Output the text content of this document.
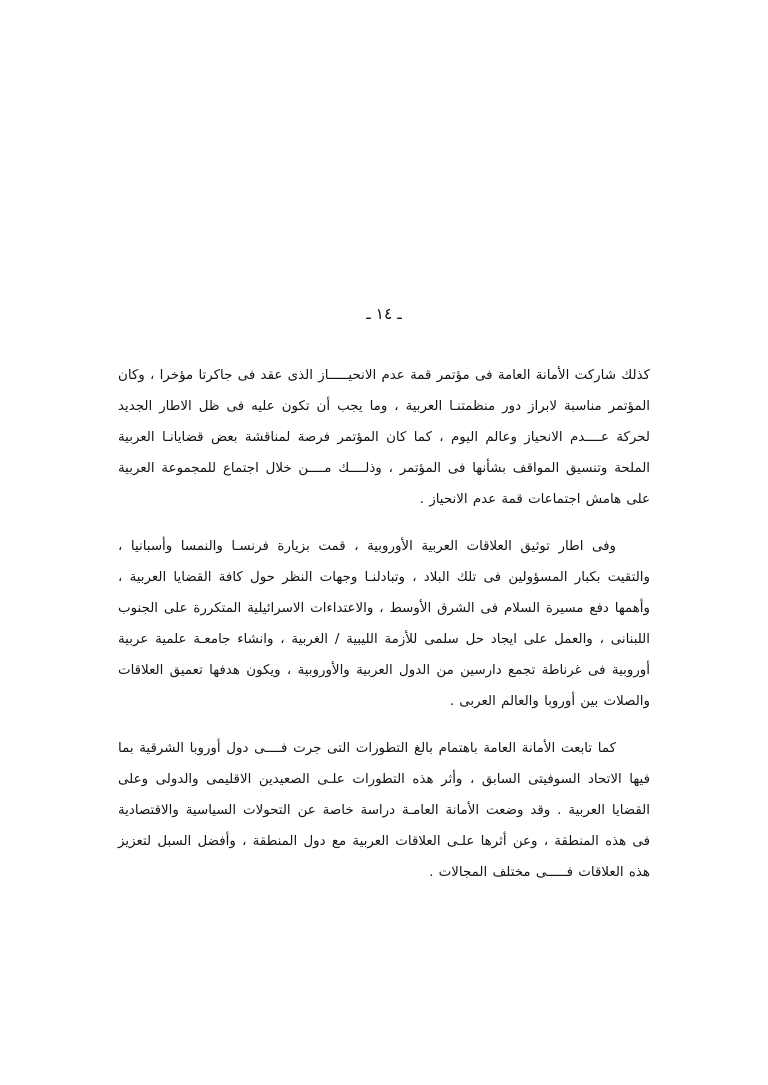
ـ ١٤ ـ

كذلك شاركت الأمانة العامة فى مؤتمر قمة عدم الانحيـــــاز الذى عقد فى جاكرتا مؤخرا ، وكان المؤتمر مناسبة لابراز دور منظمتنـا العربية ، وما يجب أن تكون عليه فى ظل الاطار الجديد لحركة عــــدم الانحياز وعالم اليوم ، كما كان المؤتمر فرصة لمناقشة بعض قضايانـا العربية الملحة وتنسيق المواقف بشأنها فى المؤتمر ، وذلــــك مــــن خلال اجتماع للمجموعة العربية على هامش اجتماعات قمة عدم الانحياز .

وفى اطار توثيق العلاقات العربية الأوروبية ، قمت بزيارة فرنسـا والنمسا وأسبانيا ، والتقيت بكبار المسؤولين فى تلك البلاد ، وتبادلنـا وجهات النظر حول كافة القضايا العربية ، وأهمها دفع مسيرة السلام فى الشرق الأوسط ، والاعتداءات الاسرائيلية المتكررة على الجنوب اللبنانى ، والعمل على ايجاد حل سلمى للأزمة الليبية / الغربية ، وانشاء جامعـة علمية عربية أوروبية فى غرناطة تجمع دارسين من الدول العربية والأوروبية ، ويكون هدفها تعميق العلاقات والصلات بين أوروبا والعالم العربى .

كما تابعت الأمانة العامة باهتمام بالغ التطورات التى جرت فــــى دول أوروبا الشرقية بما فيها الاتحاد السوفيتى السابق ، وأثر هذه التطورات علـى الصعيدين الاقليمى والدولى وعلى القضايا العربية . وقد وضعت الأمانة العامـة دراسة خاصة عن التحولات السياسية والاقتصادية فى هذه المنطقة ، وعن أثرها علـى العلاقات العربية مع دول المنطقة ، وأفضل السبل لتعزيز هذه العلاقات فـــــى مختلف المجالات .
